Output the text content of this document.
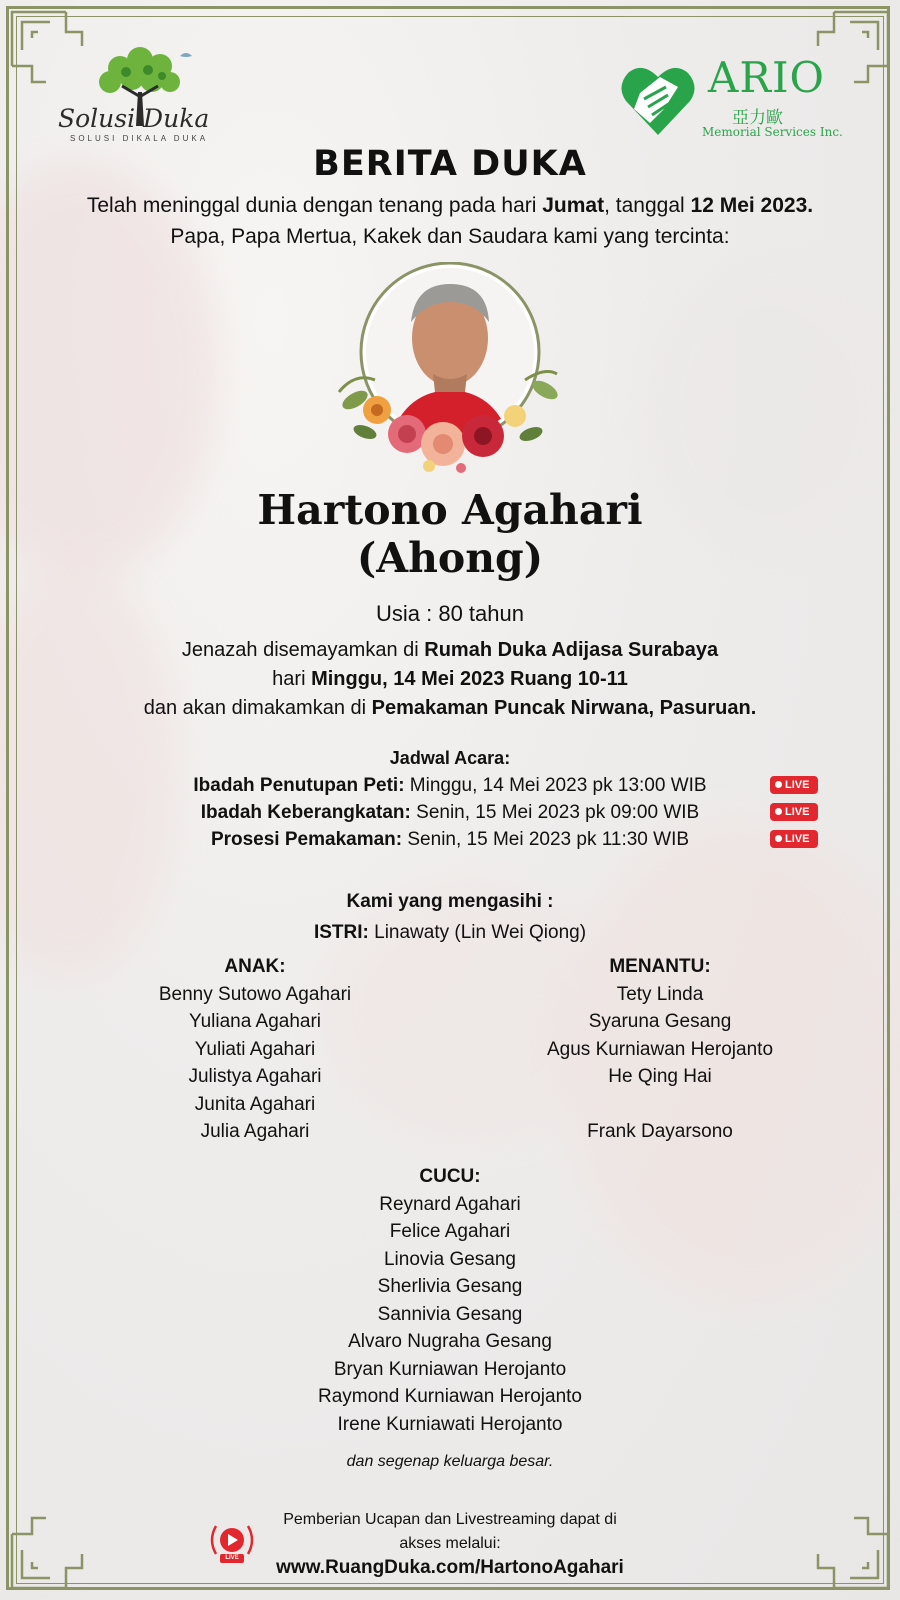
Solusi Duka
SOLUSI DIKALA DUKA
ARIO
亞力歐
Memorial Services Inc.
BERITA DUKA
Telah meninggal dunia dengan tenang pada hari Jumat, tanggal 12 Mei 2023.
Papa, Papa Mertua, Kakek dan Saudara kami yang tercinta:
Hartono Agahari
(Ahong)
Usia : 80 tahun
Jenazah disemayamkan di Rumah Duka Adijasa Surabaya
hari Minggu, 14 Mei 2023 Ruang 10-11
dan akan dimakamkan di Pemakaman Puncak Nirwana, Pasuruan.
Jadwal Acara:
Ibadah Penutupan Peti: Minggu, 14 Mei 2023 pk 13:00 WIB	LIVE
Ibadah Keberangkatan: Senin, 15 Mei 2023 pk 09:00 WIB	LIVE
Prosesi Pemakaman: Senin, 15 Mei 2023 pk 11:30 WIB	LIVE
Kami yang mengasihi :
ISTRI: Linawaty (Lin Wei Qiong)
ANAK:
Benny Sutowo Agahari
Yuliana Agahari
Yuliati Agahari
Julistya Agahari
Junita Agahari
Julia Agahari
MENANTU:
Tety Linda
Syaruna Gesang
Agus Kurniawan Herojanto
He Qing Hai
Frank Dayarsono
CUCU:
Reynard Agahari
Felice Agahari
Linovia Gesang
Sherlivia Gesang
Sannivia Gesang
Alvaro Nugraha Gesang
Bryan Kurniawan Herojanto
Raymond Kurniawan Herojanto
Irene Kurniawati Herojanto
dan segenap keluarga besar.
LIVE
Pemberian Ucapan dan Livestreaming dapat di
akses melalui:
www.RuangDuka.com/HartonoAgahari
